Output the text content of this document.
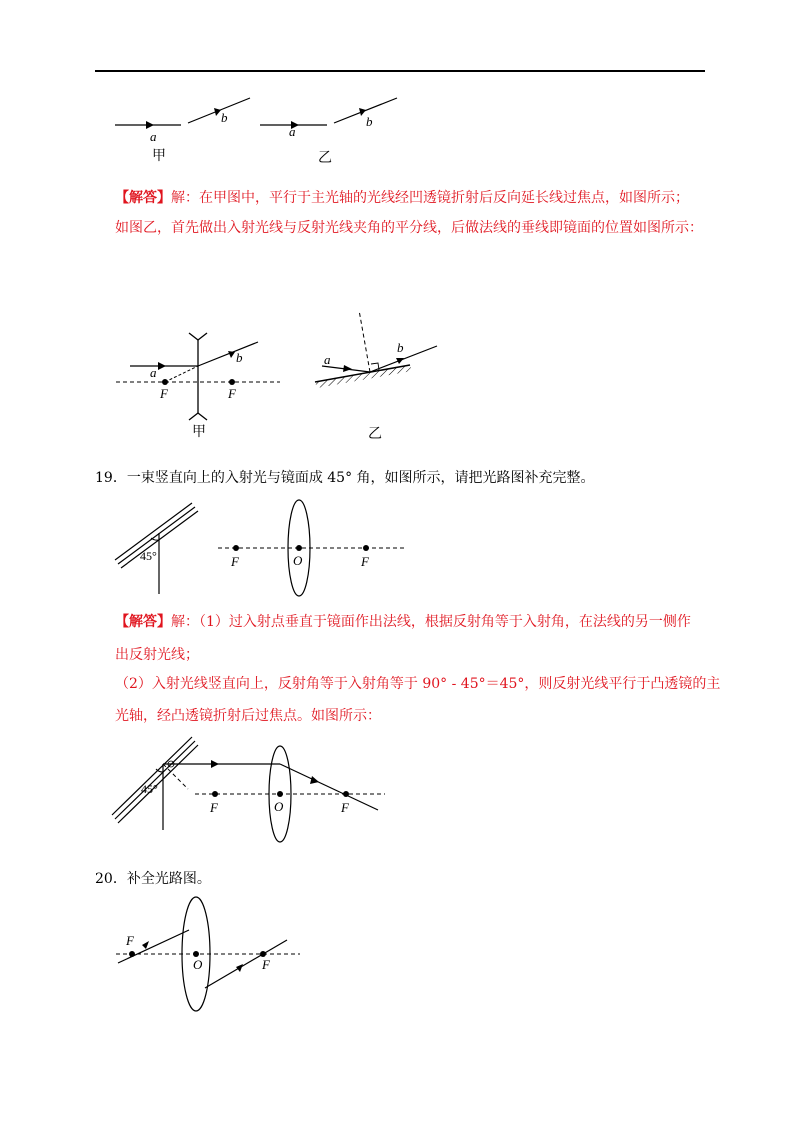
a
b
甲
a
b
乙
【解答】解：在甲图中，平行于主光轴的光线经凹透镜折射后反向延长线过焦点，如图所示；
如图乙，首先做出入射光线与反射光线夹角的平分线，后做法线的垂线即镜面的位置如图所示：
a
b
F	F
甲
a
b
乙
19．一束竖直向上的入射光与镜面成 45° 角，如图所示，请把光路图补充完整。
45°	F	O	F
【解答】解：（1）过入射点垂直于镜面作出法线，根据反射角等于入射角，在法线的另一侧作
出反射光线；
（2）入射光线竖直向上，反射角等于入射角等于 90° - 45°＝45°，则反射光线平行于凸透镜的主
光轴，经凸透镜折射后过焦点。如图所示：
45°
F	O	F
20．补全光路图。
F
O	F
